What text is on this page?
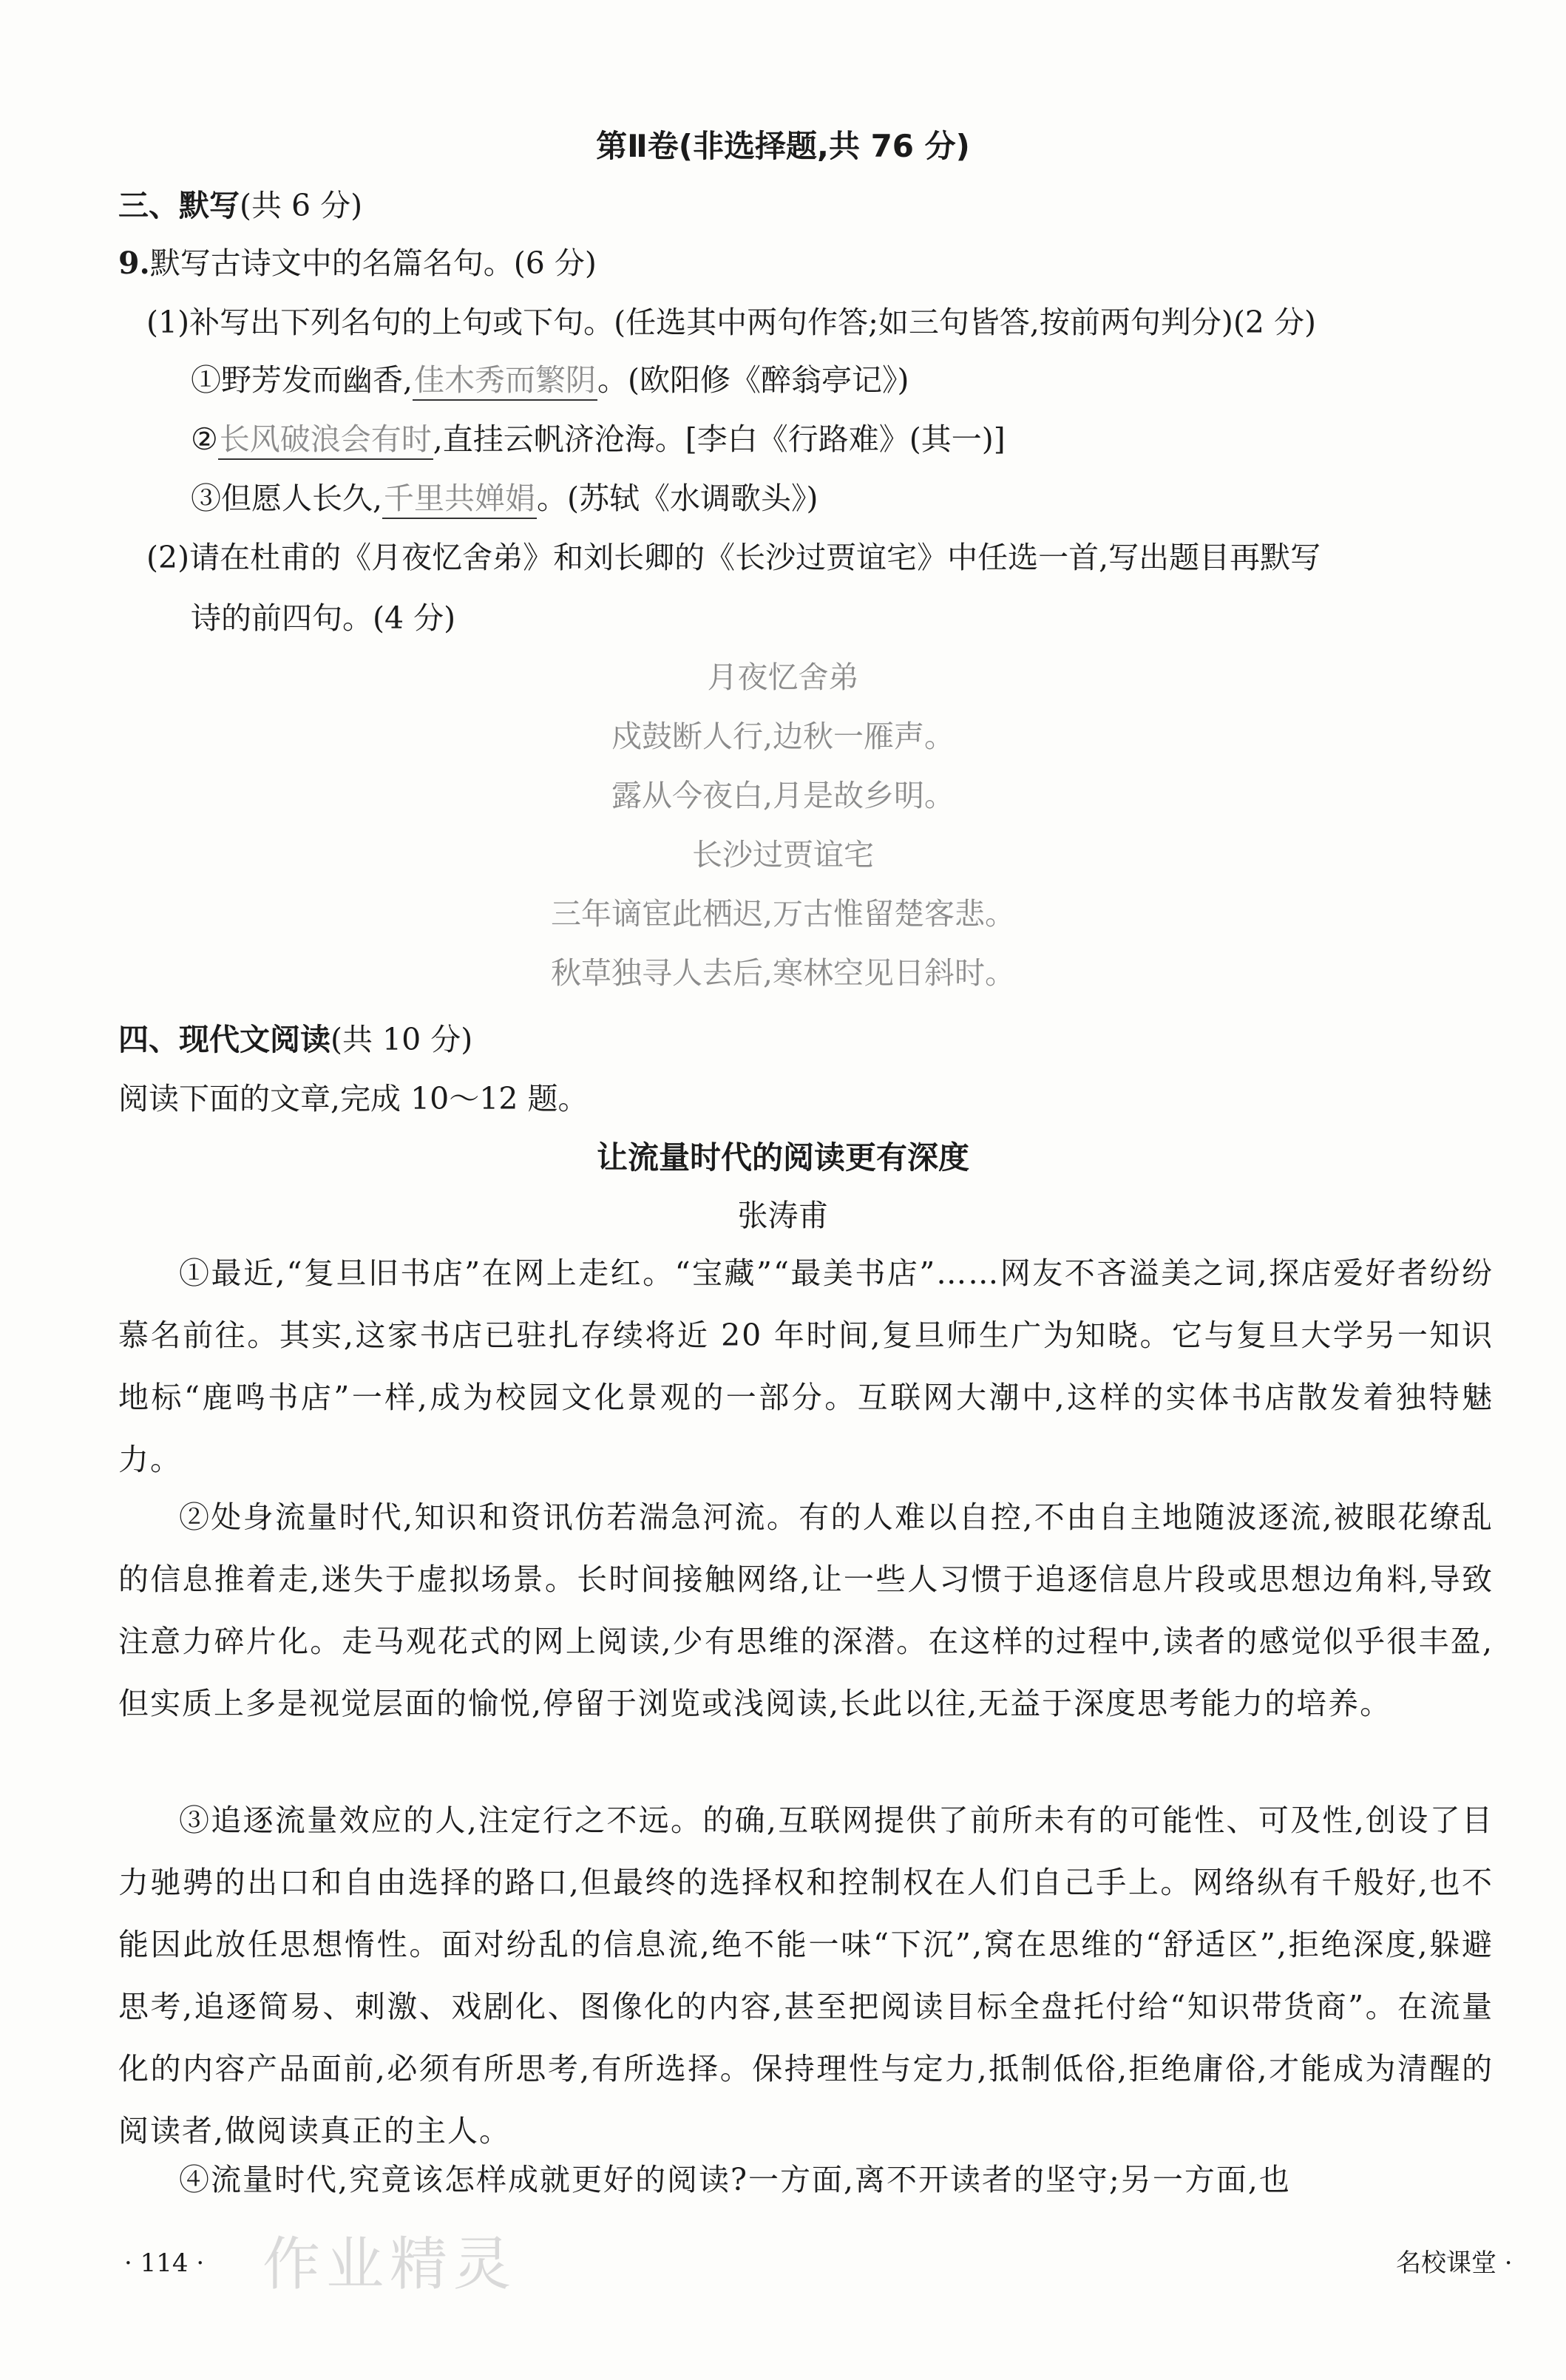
第Ⅱ卷(非选择题,共 76 分)
三、默写(共 6 分)
9.默写古诗文中的名篇名句。(6 分)
(1)补写出下列名句的上句或下句。(任选其中两句作答;如三句皆答,按前两句判分)(2 分)
①野芳发而幽香,佳木秀而繁阴。(欧阳修《醉翁亭记》)
②长风破浪会有时,直挂云帆济沧海。[李白《行路难》(其一)]
③但愿人长久,千里共婵娟。(苏轼《水调歌头》)
(2)请在杜甫的《月夜忆舍弟》和刘长卿的《长沙过贾谊宅》中任选一首,写出题目再默写
诗的前四句。(4 分)
月夜忆舍弟
戍鼓断人行,边秋一雁声。
露从今夜白,月是故乡明。
长沙过贾谊宅
三年谪宦此栖迟,万古惟留楚客悲。
秋草独寻人去后,寒林空见日斜时。
四、现代文阅读(共 10 分)
阅读下面的文章,完成 10～12 题。
让流量时代的阅读更有深度
张涛甫
①最近,“复旦旧书店”在网上走红。“宝藏”“最美书店”……网友不吝溢美之词,探店爱好者纷纷慕名前往。其实,这家书店已驻扎存续将近 20 年时间,复旦师生广为知晓。它与复旦大学另一知识地标“鹿鸣书店”一样,成为校园文化景观的一部分。互联网大潮中,这样的实体书店散发着独特魅力。
②处身流量时代,知识和资讯仿若湍急河流。有的人难以自控,不由自主地随波逐流,被眼花缭乱的信息推着走,迷失于虚拟场景。长时间接触网络,让一些人习惯于追逐信息片段或思想边角料,导致注意力碎片化。走马观花式的网上阅读,少有思维的深潜。在这样的过程中,读者的感觉似乎很丰盈,但实质上多是视觉层面的愉悦,停留于浏览或浅阅读,长此以往,无益于深度思考能力的培养。
③追逐流量效应的人,注定行之不远。的确,互联网提供了前所未有的可能性、可及性,创设了目力驰骋的出口和自由选择的路口,但最终的选择权和控制权在人们自己手上。网络纵有千般好,也不能因此放任思想惰性。面对纷乱的信息流,绝不能一味“下沉”,窝在思维的“舒适区”,拒绝深度,躲避思考,追逐简易、刺激、戏剧化、图像化的内容,甚至把阅读目标全盘托付给“知识带货商”。在流量化的内容产品面前,必须有所思考,有所选择。保持理性与定力,抵制低俗,拒绝庸俗,才能成为清醒的阅读者,做阅读真正的主人。
④流量时代,究竟该怎样成就更好的阅读?一方面,离不开读者的坚守;另一方面,也
作业精灵
· 114 ·	名校课堂 ·
